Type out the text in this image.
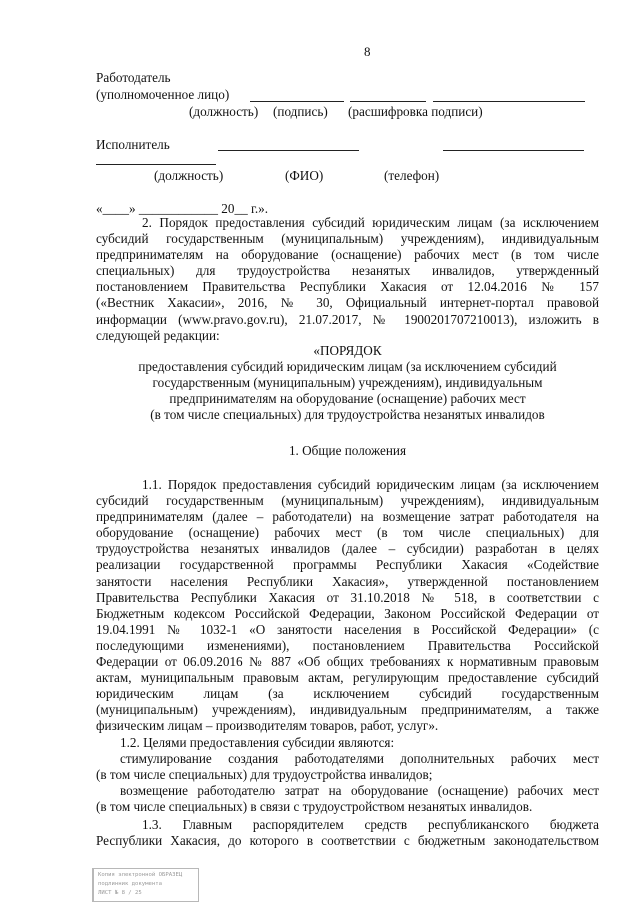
8
Работодатель
(уполномоченное лицо)
(должность) (подпись) (расшифровка подписи)
Исполнитель
(должность)	(ФИО)	(телефон)
«____» ____________ 20__ г.».
2. Порядок предоставления субсидий юридическим лицам (за исключением
субсидий государственным (муниципальным) учреждениям), индивидуальным
предпринимателям на оборудование (оснащение) рабочих мест (в том числе
специальных) для трудоустройства незанятых инвалидов, утвержденный
постановлением Правительства Республики Хакасия от 12.04.2016 № 157
(«Вестник Хакасии», 2016, № 30, Официальный интернет-портал правовой
информации (www.pravo.gov.ru), 21.07.2017, № 1900201707210013), изложить в
следующей редакции:
«ПОРЯДОК
предоставления субсидий юридическим лицам (за исключением субсидий
государственным (муниципальным) учреждениям), индивидуальным
предпринимателям на оборудование (оснащение) рабочих мест
(в том числе специальных) для трудоустройства незанятых инвалидов
1. Общие положения
1.1. Порядок предоставления субсидий юридическим лицам (за исключением
субсидий государственным (муниципальным) учреждениям), индивидуальным
предпринимателям (далее – работодатели) на возмещение затрат работодателя на
оборудование (оснащение) рабочих мест (в том числе специальных) для
трудоустройства незанятых инвалидов (далее – субсидии) разработан в целях
реализации государственной программы Республики Хакасия «Содействие
занятости населения Республики Хакасия», утвержденной постановлением
Правительства Республики Хакасия от 31.10.2018 № 518, в соответствии с
Бюджетным кодексом Российской Федерации, Законом Российской Федерации от
19.04.1991 № 1032-1 «О занятости населения в Российской Федерации» (с
последующими изменениями), постановлением Правительства Российской
Федерации от 06.09.2016 № 887 «Об общих требованиях к нормативным правовым
актам, муниципальным правовым актам, регулирующим предоставление субсидий
юридическим лицам (за исключением субсидий государственным
(муниципальным) учреждениям), индивидуальным предпринимателям, а также
физическим лицам – производителям товаров, работ, услуг».
1.2. Целями предоставления субсидии являются:
стимулирование создания работодателями дополнительных рабочих мест
(в том числе специальных) для трудоустройства инвалидов;
возмещение работодателю затрат на оборудование (оснащение) рабочих мест
(в том числе специальных) в связи с трудоустройством незанятых инвалидов.
1.3. Главным распорядителем средств республиканского бюджета
Республики Хакасия, до которого в соответствии с бюджетным законодательством
Копия электронной ОБРАЗЕЦ
подлинник документа
ЛИСТ № 8 / 25
